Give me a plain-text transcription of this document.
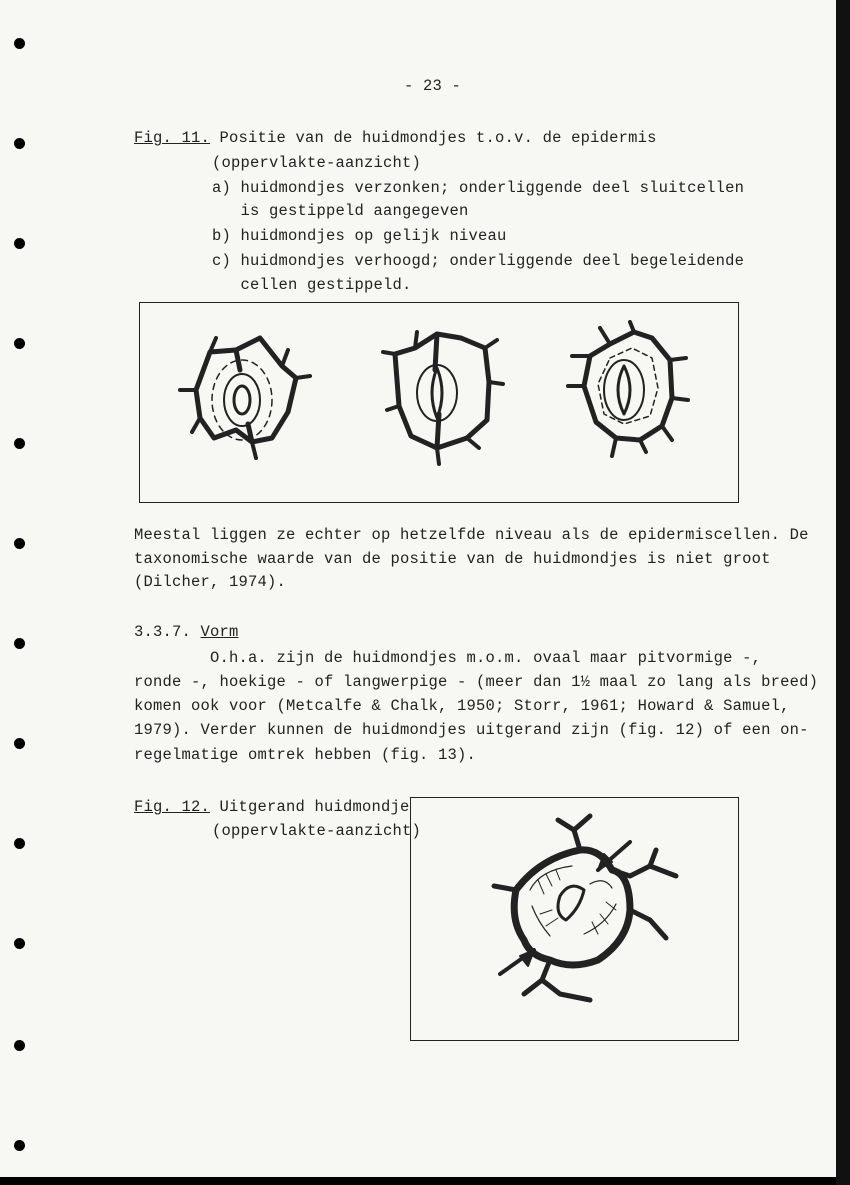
- 23 -
Fig. 11. Positie van de huidmondjes t.o.v. de epidermis
(oppervlakte-aanzicht)
a) huidmondjes verzonken; onderliggende deel sluitcellen
is gestippeld aangegeven
b) huidmondjes op gelijk niveau
c) huidmondjes verhoogd; onderliggende deel begeleidende
cellen gestippeld.
Meestal liggen ze echter op hetzelfde niveau als de epidermiscellen. De
taxonomische waarde van de positie van de huidmondjes is niet groot
(Dilcher, 1974).
3.3.7. Vorm
O.h.a. zijn de huidmondjes m.o.m. ovaal maar pitvormige -,
ronde -, hoekige - of langwerpige - (meer dan 1½ maal zo lang als breed)
komen ook voor (Metcalfe & Chalk, 1950; Storr, 1961; Howard & Samuel,
1979). Verder kunnen de huidmondjes uitgerand zijn (fig. 12) of een on-
regelmatige omtrek hebben (fig. 13).
Fig. 12. Uitgerand huidmondje
(oppervlakte-aanzicht)
